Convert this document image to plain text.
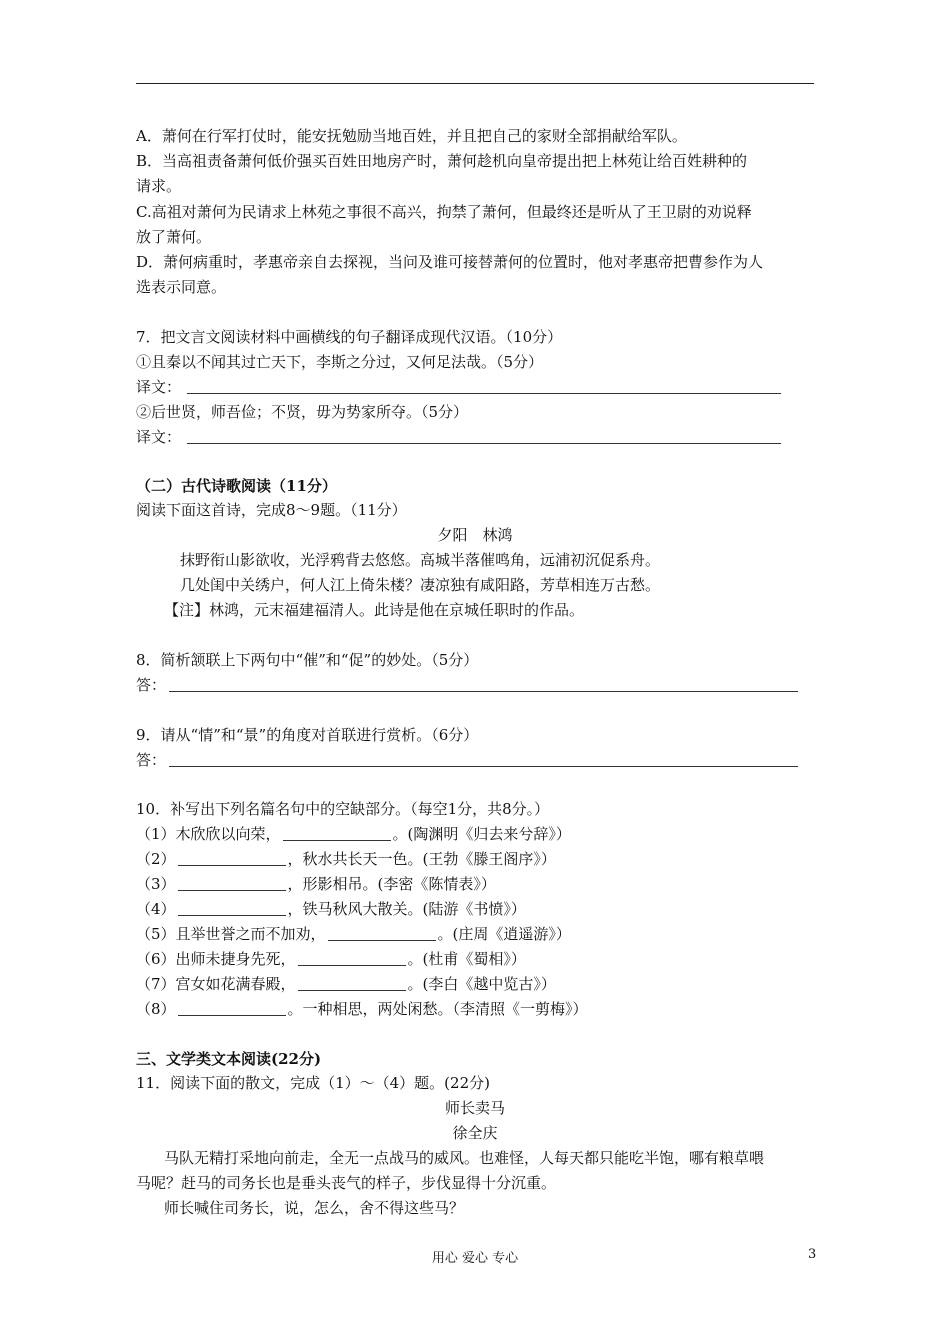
A．萧何在行军打仗时，能安抚勉励当地百姓，并且把自己的家财全部捐献给军队。
B．当高祖责备萧何低价强买百姓田地房产时，萧何趁机向皇帝提出把上林苑让给百姓耕种的
请求。
C.高祖对萧何为民请求上林苑之事很不高兴，拘禁了萧何，但最终还是听从了王卫尉的劝说释
放了萧何。
D．萧何病重时，孝惠帝亲自去探视，当问及谁可接替萧何的位置时，他对孝惠帝把曹参作为人
选表示同意。
7．把文言文阅读材料中画横线的句子翻译成现代汉语。（10分）
①且秦以不闻其过亡天下，李斯之分过，又何足法哉。（5分）
译文：
②后世贤，师吾俭；不贤，毋为势家所夺。（5分）
译文：
（二）古代诗歌阅读（11分）
阅读下面这首诗，完成8～9题。（11分）
夕阳　林鸿
抹野衔山影欲收，光浮鸦背去悠悠。高城半落催鸣角，远浦初沉促系舟。
几处闺中关绣户，何人江上倚朱楼？凄凉独有咸阳路，芳草相连万古愁。
【注】林鸿，元末福建福清人。此诗是他在京城任职时的作品。
8．简析颔联上下两句中“催”和“促”的妙处。（5分）
答：
9．请从“情”和“景”的角度对首联进行赏析。（6分）
答：
10．补写出下列名篇名句中的空缺部分。（每空1分，共8分。）
（1）木欣欣以向荣，	。(陶渊明《归去来兮辞》）
（2）	，秋水共长天一色。(王勃《滕王阁序》）
（3）	，形影相吊。(李密《陈情表》）
（4）	，铁马秋风大散关。(陆游《书愤》）
（5）且举世誉之而不加劝，	。(庄周《逍遥游》）
（6）出师未捷身先死，	。(杜甫《蜀相》）
（7）宫女如花满春殿，	。(李白《越中览古》）
（8）	。一种相思，两处闲愁。（李清照《一剪梅》）
三、文学类文本阅读(22分)
11．阅读下面的散文，完成（1）～（4）题。(22分)
师长卖马
徐全庆
马队无精打采地向前走，全无一点战马的威风。也难怪，人每天都只能吃半饱，哪有粮草喂
马呢？赶马的司务长也是垂头丧气的样子，步伐显得十分沉重。
师长喊住司务长，说，怎么，舍不得这些马？
用心 爱心 专心	3
